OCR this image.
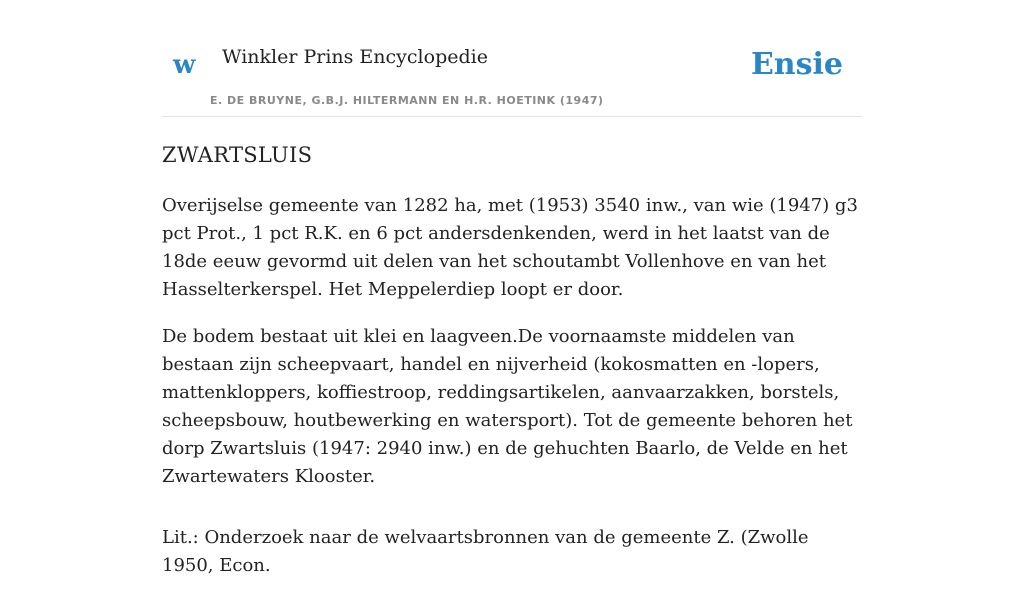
w Winkler Prins Encyclopedie
E. DE BRUYNE, G.B.J. HILTERMANN EN H.R. HOETINK (1947)
Ensie
ZWARTSLUIS

Overijselse gemeente van 1282 ha, met (1953) 3540 inw., van wie (1947) g3 pct Prot., 1 pct R.K. en 6 pct andersdenkenden, werd in het laatst van de 18de eeuw gevormd uit delen van het schoutambt Vollenhove en van het Hasselterkerspel. Het Meppelerdiep loopt er door.

De bodem bestaat uit klei en laagveen.De voornaamste middelen van bestaan zijn scheepvaart, handel en nijverheid (kokosmatten en -lopers, mattenkloppers, koffiestroop, reddingsartikelen, aanvaarzakken, borstels, scheepsbouw, houtbewerking en watersport). Tot de gemeente behoren het dorp Zwartsluis (1947: 2940 inw.) en de gehuchten Baarlo, de Velde en het Zwartewaters Klooster.

Lit.: Onderzoek naar de welvaartsbronnen van de gemeente Z. (Zwolle 1950, Econ.
